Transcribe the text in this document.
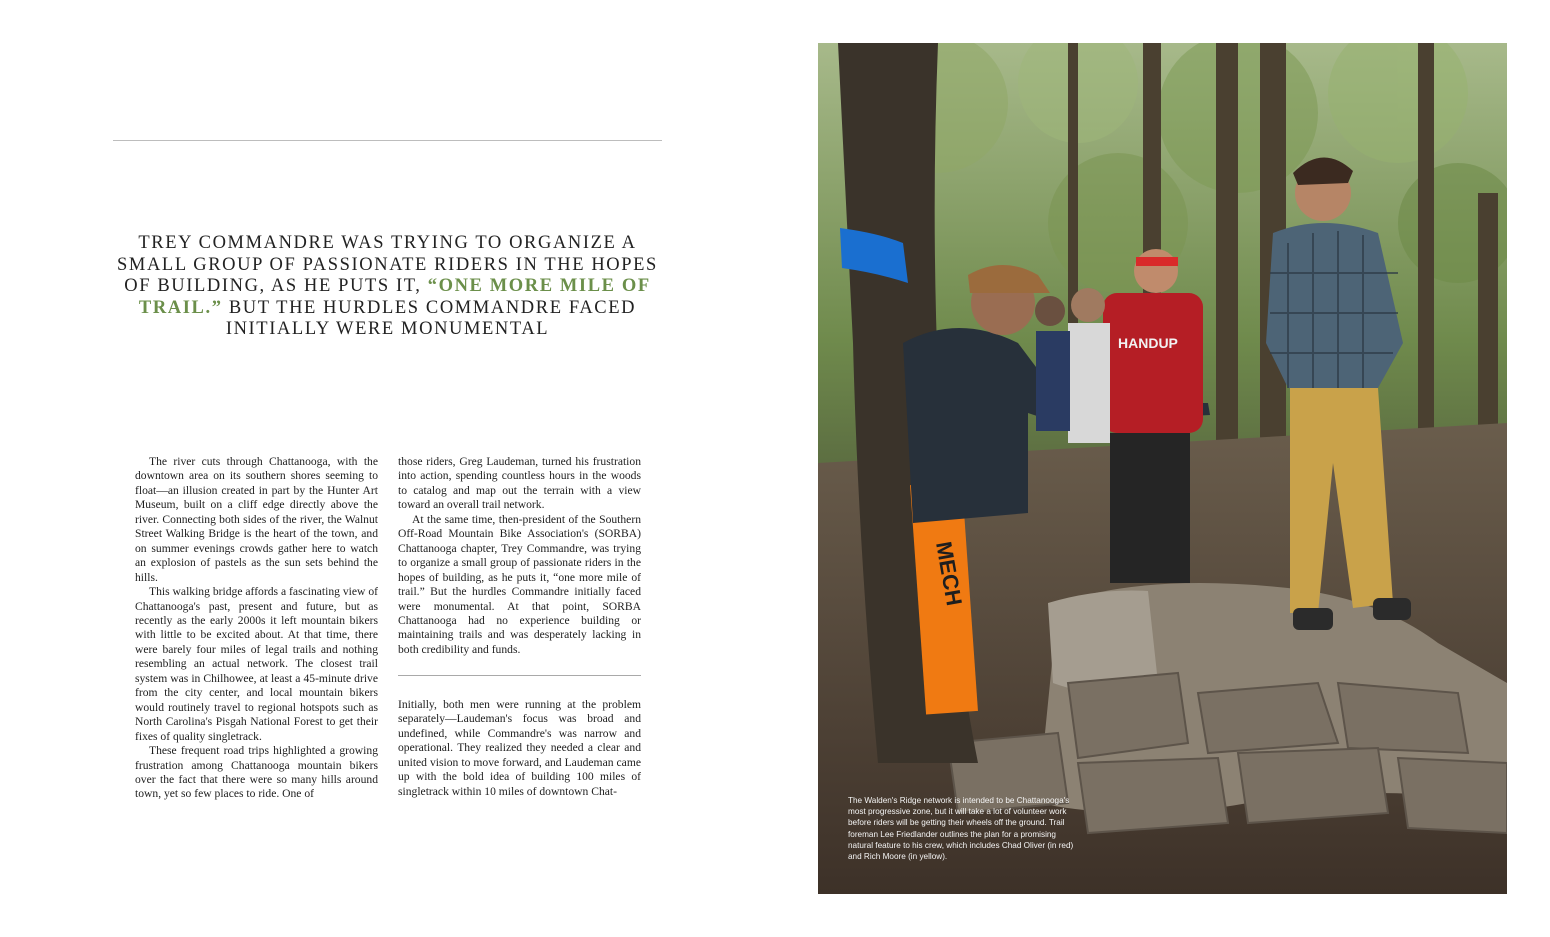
TREY COMMANDRE WAS TRYING TO ORGANIZE A SMALL GROUP OF PASSIONATE RIDERS IN THE HOPES OF BUILDING, AS HE PUTS IT, “ONE MORE MILE OF TRAIL.” BUT THE HURDLES COMMANDRE FACED INITIALLY WERE MONUMENTAL

The river cuts through Chattanooga, with the downtown area on its southern shores seeming to float—an illusion created in part by the Hunter Art Museum, built on a cliff edge directly above the river. Connecting both sides of the river, the Walnut Street Walking Bridge is the heart of the town, and on summer evenings crowds gather here to watch an explosion of pastels as the sun sets behind the hills.

This walking bridge affords a fascinating view of Chattanooga's past, present and future, but as recently as the early 2000s it left mountain bikers with little to be excited about. At that time, there were barely four miles of legal trails and nothing resembling an actual network. The closest trail system was in Chilhowee, at least a 45-minute drive from the city center, and local mountain bikers would routinely travel to regional hotspots such as North Carolina's Pisgah National Forest to get their fixes of quality singletrack.

These frequent road trips highlighted a growing frustration among Chattanooga mountain bikers over the fact that there were so many hills around town, yet so few places to ride. One of

those riders, Greg Laudeman, turned his frustration into action, spending countless hours in the woods to catalog and map out the terrain with a view toward an overall trail network.

At the same time, then-president of the Southern Off-Road Mountain Bike Association's (SORBA) Chattanooga chapter, Trey Commandre, was trying to organize a small group of passionate riders in the hopes of building, as he puts it, “one more mile of trail.” But the hurdles Commandre initially faced were monumental. At that point, SORBA Chattanooga had no experience building or maintaining trails and was desperately lacking in both credibility and funds.

Initially, both men were running at the problem separately—Laudeman's focus was broad and undefined, while Commandre's was narrow and operational. They realized they needed a clear and united vision to move forward, and Laudeman came up with the bold idea of building 100 miles of singletrack within 10 miles of downtown Chat-

MECH
HANDUP
The Walden's Ridge network is intended to be Chattanooga's most progressive zone, but it will take a lot of volunteer work before riders will be getting their wheels off the ground. Trail foreman Lee Friedlander outlines the plan for a promising natural feature to his crew, which includes Chad Oliver (in red) and Rich Moore (in yellow).
